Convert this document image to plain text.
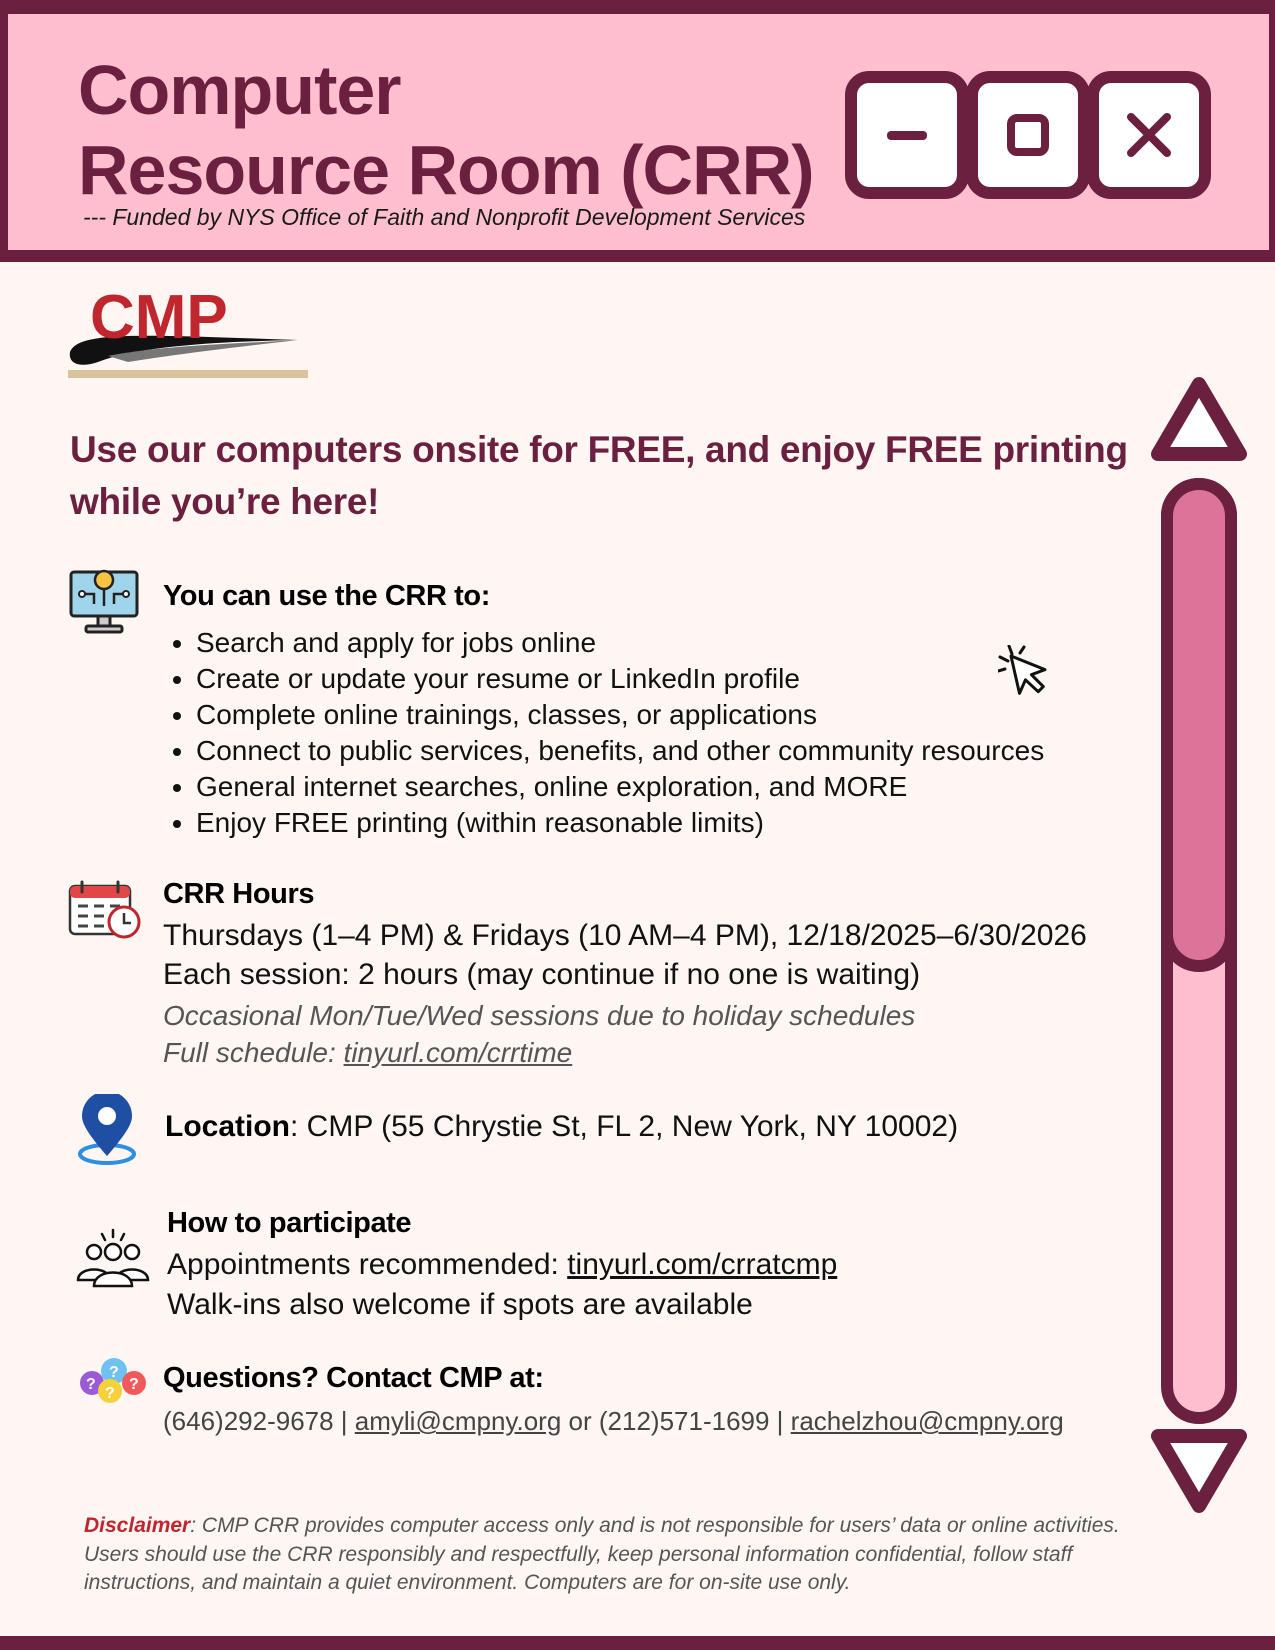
Computer
Resource Room (CRR)
--- Funded by NYS Office of Faith and Nonprofit Development Services
CMP

Use our computers onsite for FREE, and enjoy FREE printing while you’re here!

You can use the CRR to:
• Search and apply for jobs online
• Create or update your resume or LinkedIn profile
• Complete online trainings, classes, or applications
• Connect to public services, benefits, and other community resources
• General internet searches, online exploration, and MORE
• Enjoy FREE printing (within reasonable limits)
CRR Hours
Thursdays (1–4 PM) & Fridays (10 AM–4 PM), 12/18/2025–6/30/2026
Each session: 2 hours (may continue if no one is waiting)
Occasional Mon/Tue/Wed sessions due to holiday schedules
Full schedule: tinyurl.com/crrtime
Location: CMP (55 Chrystie St, FL 2, New York, NY 10002)
How to participate
Appointments recommended: tinyurl.com/crratcmp
Walk-ins also welcome if spots are available
?
?
?
? Questions? Contact CMP at:
(646)292-9678 | amyli@cmpny.org or (212)571-1699 | rachelzhou@cmpny.org
Disclaimer: CMP CRR provides computer access only and is not responsible for users’ data or online activities. Users should use the CRR responsibly and respectfully, keep personal information confidential, follow staff instructions, and maintain a quiet environment. Computers are for on-site use only.
